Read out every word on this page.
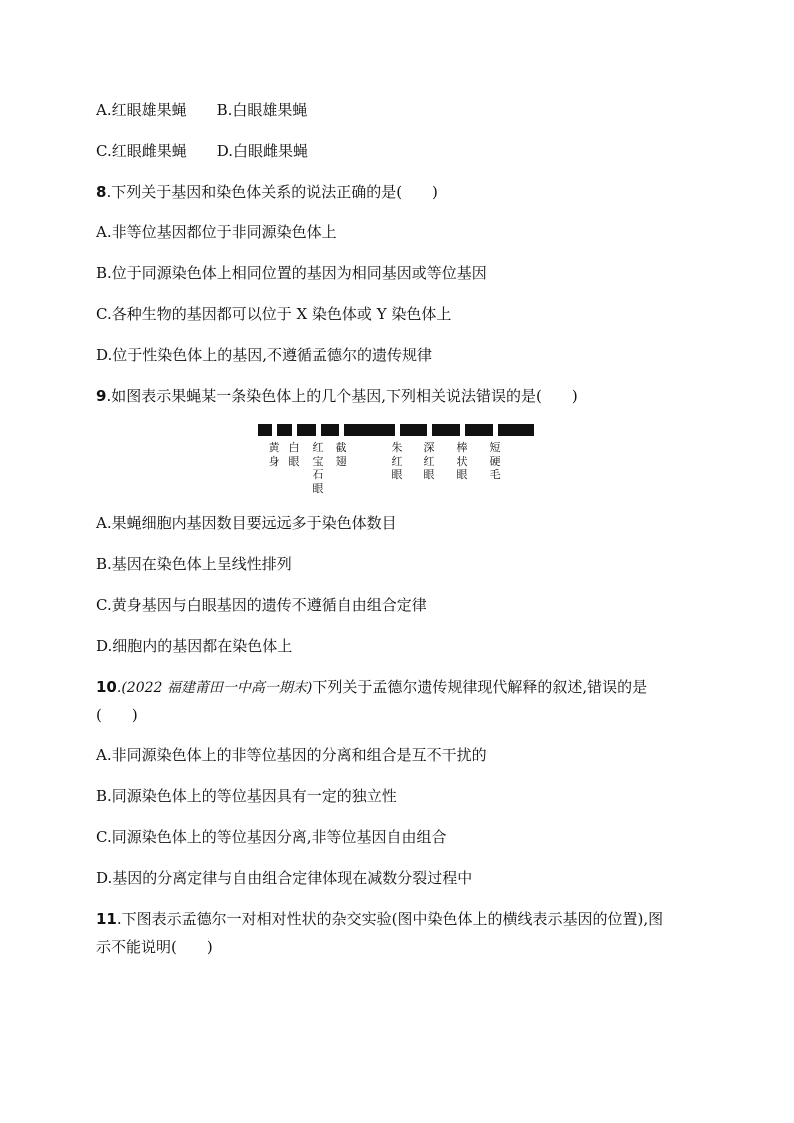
A.红眼雄果蝇 B.白眼雄果蝇
C.红眼雌果蝇 D.白眼雌果蝇
8.下列关于基因和染色体关系的说法正确的是(　　)
A.非等位基因都位于非同源染色体上
B.位于同源染色体上相同位置的基因为相同基因或等位基因
C.各种生物的基因都可以位于 X 染色体或 Y 染色体上
D.位于性染色体上的基因,不遵循孟德尔的遗传规律
9.如图表示果蝇某一条染色体上的几个基因,下列相关说法错误的是(　　)
黄
身
白
眼
红
宝
石
眼
截
翅
朱
红
眼
深
红
眼
棒
状
眼
短
硬
毛
A.果蝇细胞内基因数目要远远多于染色体数目
B.基因在染色体上呈线性排列
C.黄身基因与白眼基因的遗传不遵循自由组合定律
D.细胞内的基因都在染色体上
10.(2022 福建莆田一中高一期末)下列关于孟德尔遗传规律现代解释的叙述,错误的是
(　　)
A.非同源染色体上的非等位基因的分离和组合是互不干扰的
B.同源染色体上的等位基因具有一定的独立性
C.同源染色体上的等位基因分离,非等位基因自由组合
D.基因的分离定律与自由组合定律体现在减数分裂过程中
11.下图表示孟德尔一对相对性状的杂交实验(图中染色体上的横线表示基因的位置),图
示不能说明(　　)
